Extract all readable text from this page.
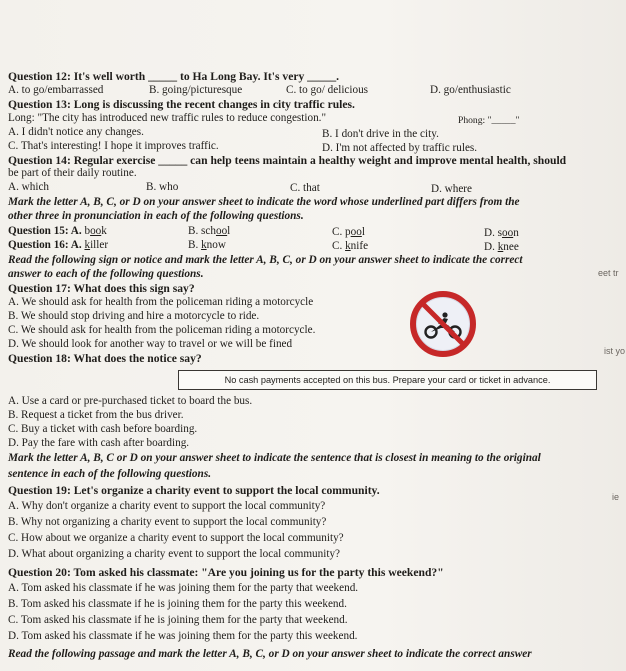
Question 12: It's well worth _____ to Ha Long Bay. It's very _____.
A. to go/embarrassed	B. going/picturesque	C. to go/ delicious	D. go/enthusiastic
Question 13: Long is discussing the recent changes in city traffic rules.
Long: "The city has introduced new traffic rules to reduce congestion."	Phong: "_____"
A. I didn't notice any changes.	B. I don't drive in the city.
C. That's interesting! I hope it improves traffic.	D. I'm not affected by traffic rules.
Question 14: Regular exercise _____ can help teens maintain a healthy weight and improve mental health, should
be part of their daily routine.
A. which	B. who	C. that	D. where
Mark the letter A, B, C, or D on your answer sheet to indicate the word whose underlined part differs from the
other three in pronunciation in each of the following questions.
Question 15: A. book	B. school	C. pool	D. soon
Question 16: A. killer	B. know	C. knife	D. knee
Read the following sign or notice and mark the letter A, B, C, or D on your answer sheet to indicate the correct
answer to each of the following questions.
Question 17: What does this sign say?
A. We should ask for health from the policeman riding a motorcycle
B. We should stop driving and hire a motorcycle to ride.
C. We should ask for health from the policeman riding a motorcycle.
D. We should look for another way to travel or we will be fined
Question 18: What does the notice say?
No cash payments accepted on this bus. Prepare your card or ticket in advance.
A. Use a card or pre-purchased ticket to board the bus.
B. Request a ticket from the bus driver.
C. Buy a ticket with cash before boarding.
D. Pay the fare with cash after boarding.
Mark the letter A, B, C or D on your answer sheet to indicate the sentence that is closest in meaning to the original
sentence in each of the following questions.
Question 19: Let's organize a charity event to support the local community.
A. Why don't organize a charity event to support the local community?
B. Why not organizing a charity event to support the local community?
C. How about we organize a charity event to support the local community?
D. What about organizing a charity event to support the local community?
Question 20: Tom asked his classmate: "Are you joining us for the party this weekend?"
A. Tom asked his classmate if he was joining them for the party that weekend.
B. Tom asked his classmate if he is joining them for the party this weekend.
C. Tom asked his classmate if he is joining them for the party that weekend.
D. Tom asked his classmate if he was joining them for the party this weekend.
Read the following passage and mark the letter A, B, C, or D on your answer sheet to indicate the correct answer
eet tr
ist yo
ie
